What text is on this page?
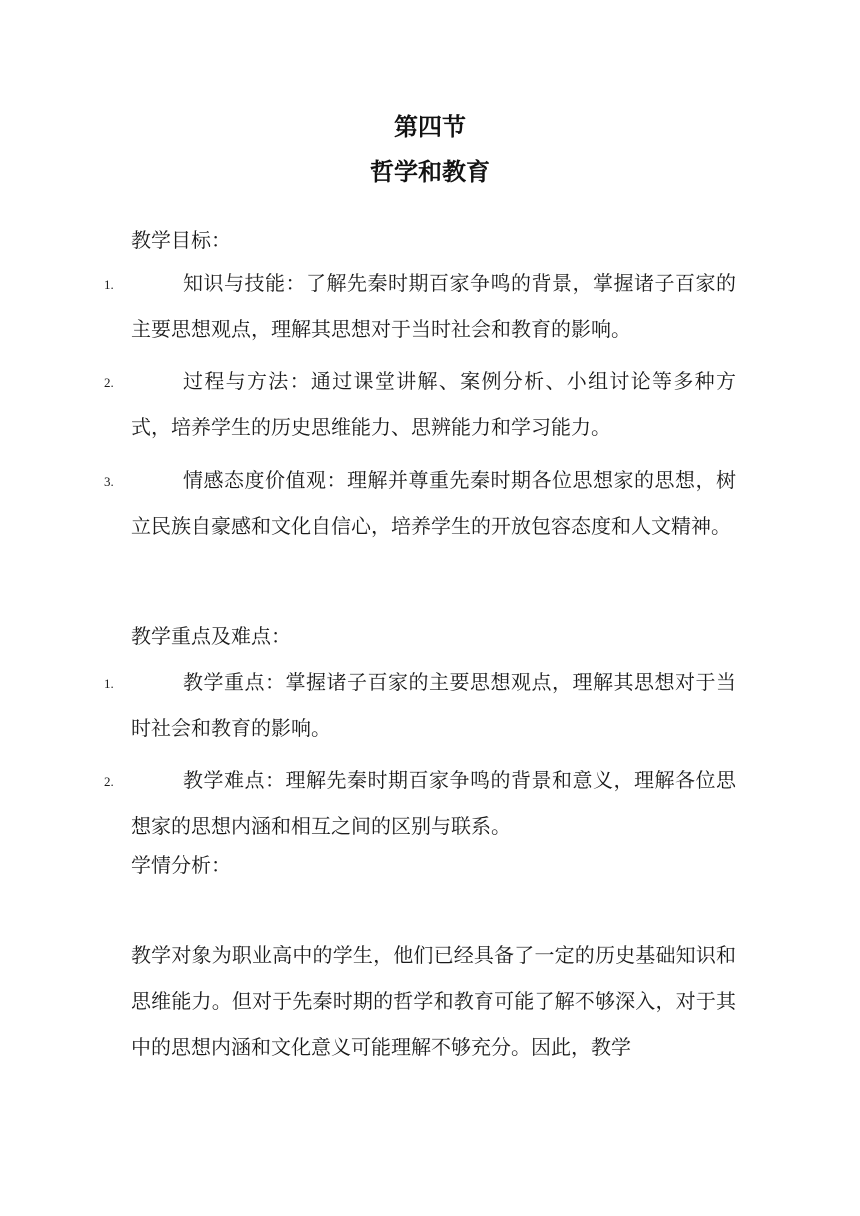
第四节
哲学和教育
教学目标：
1.	知识与技能：了解先秦时期百家争鸣的背景，掌握诸子百家的主要思想观点，理解其思想对于当时社会和教育的影响。
2.	过程与方法：通过课堂讲解、案例分析、小组讨论等多种方式，培养学生的历史思维能力、思辨能力和学习能力。
3.	情感态度价值观：理解并尊重先秦时期各位思想家的思想，树立民族自豪感和文化自信心，培养学生的开放包容态度和人文精神。
教学重点及难点：
1.	教学重点：掌握诸子百家的主要思想观点，理解其思想对于当时社会和教育的影响。
2.	教学难点：理解先秦时期百家争鸣的背景和意义，理解各位思想家的思想内涵和相互之间的区别与联系。
学情分析：
教学对象为职业高中的学生，他们已经具备了一定的历史基础知识和思维能力。但对于先秦时期的哲学和教育可能了解不够深入，对于其中的思想内涵和文化意义可能理解不够充分。因此，教学
